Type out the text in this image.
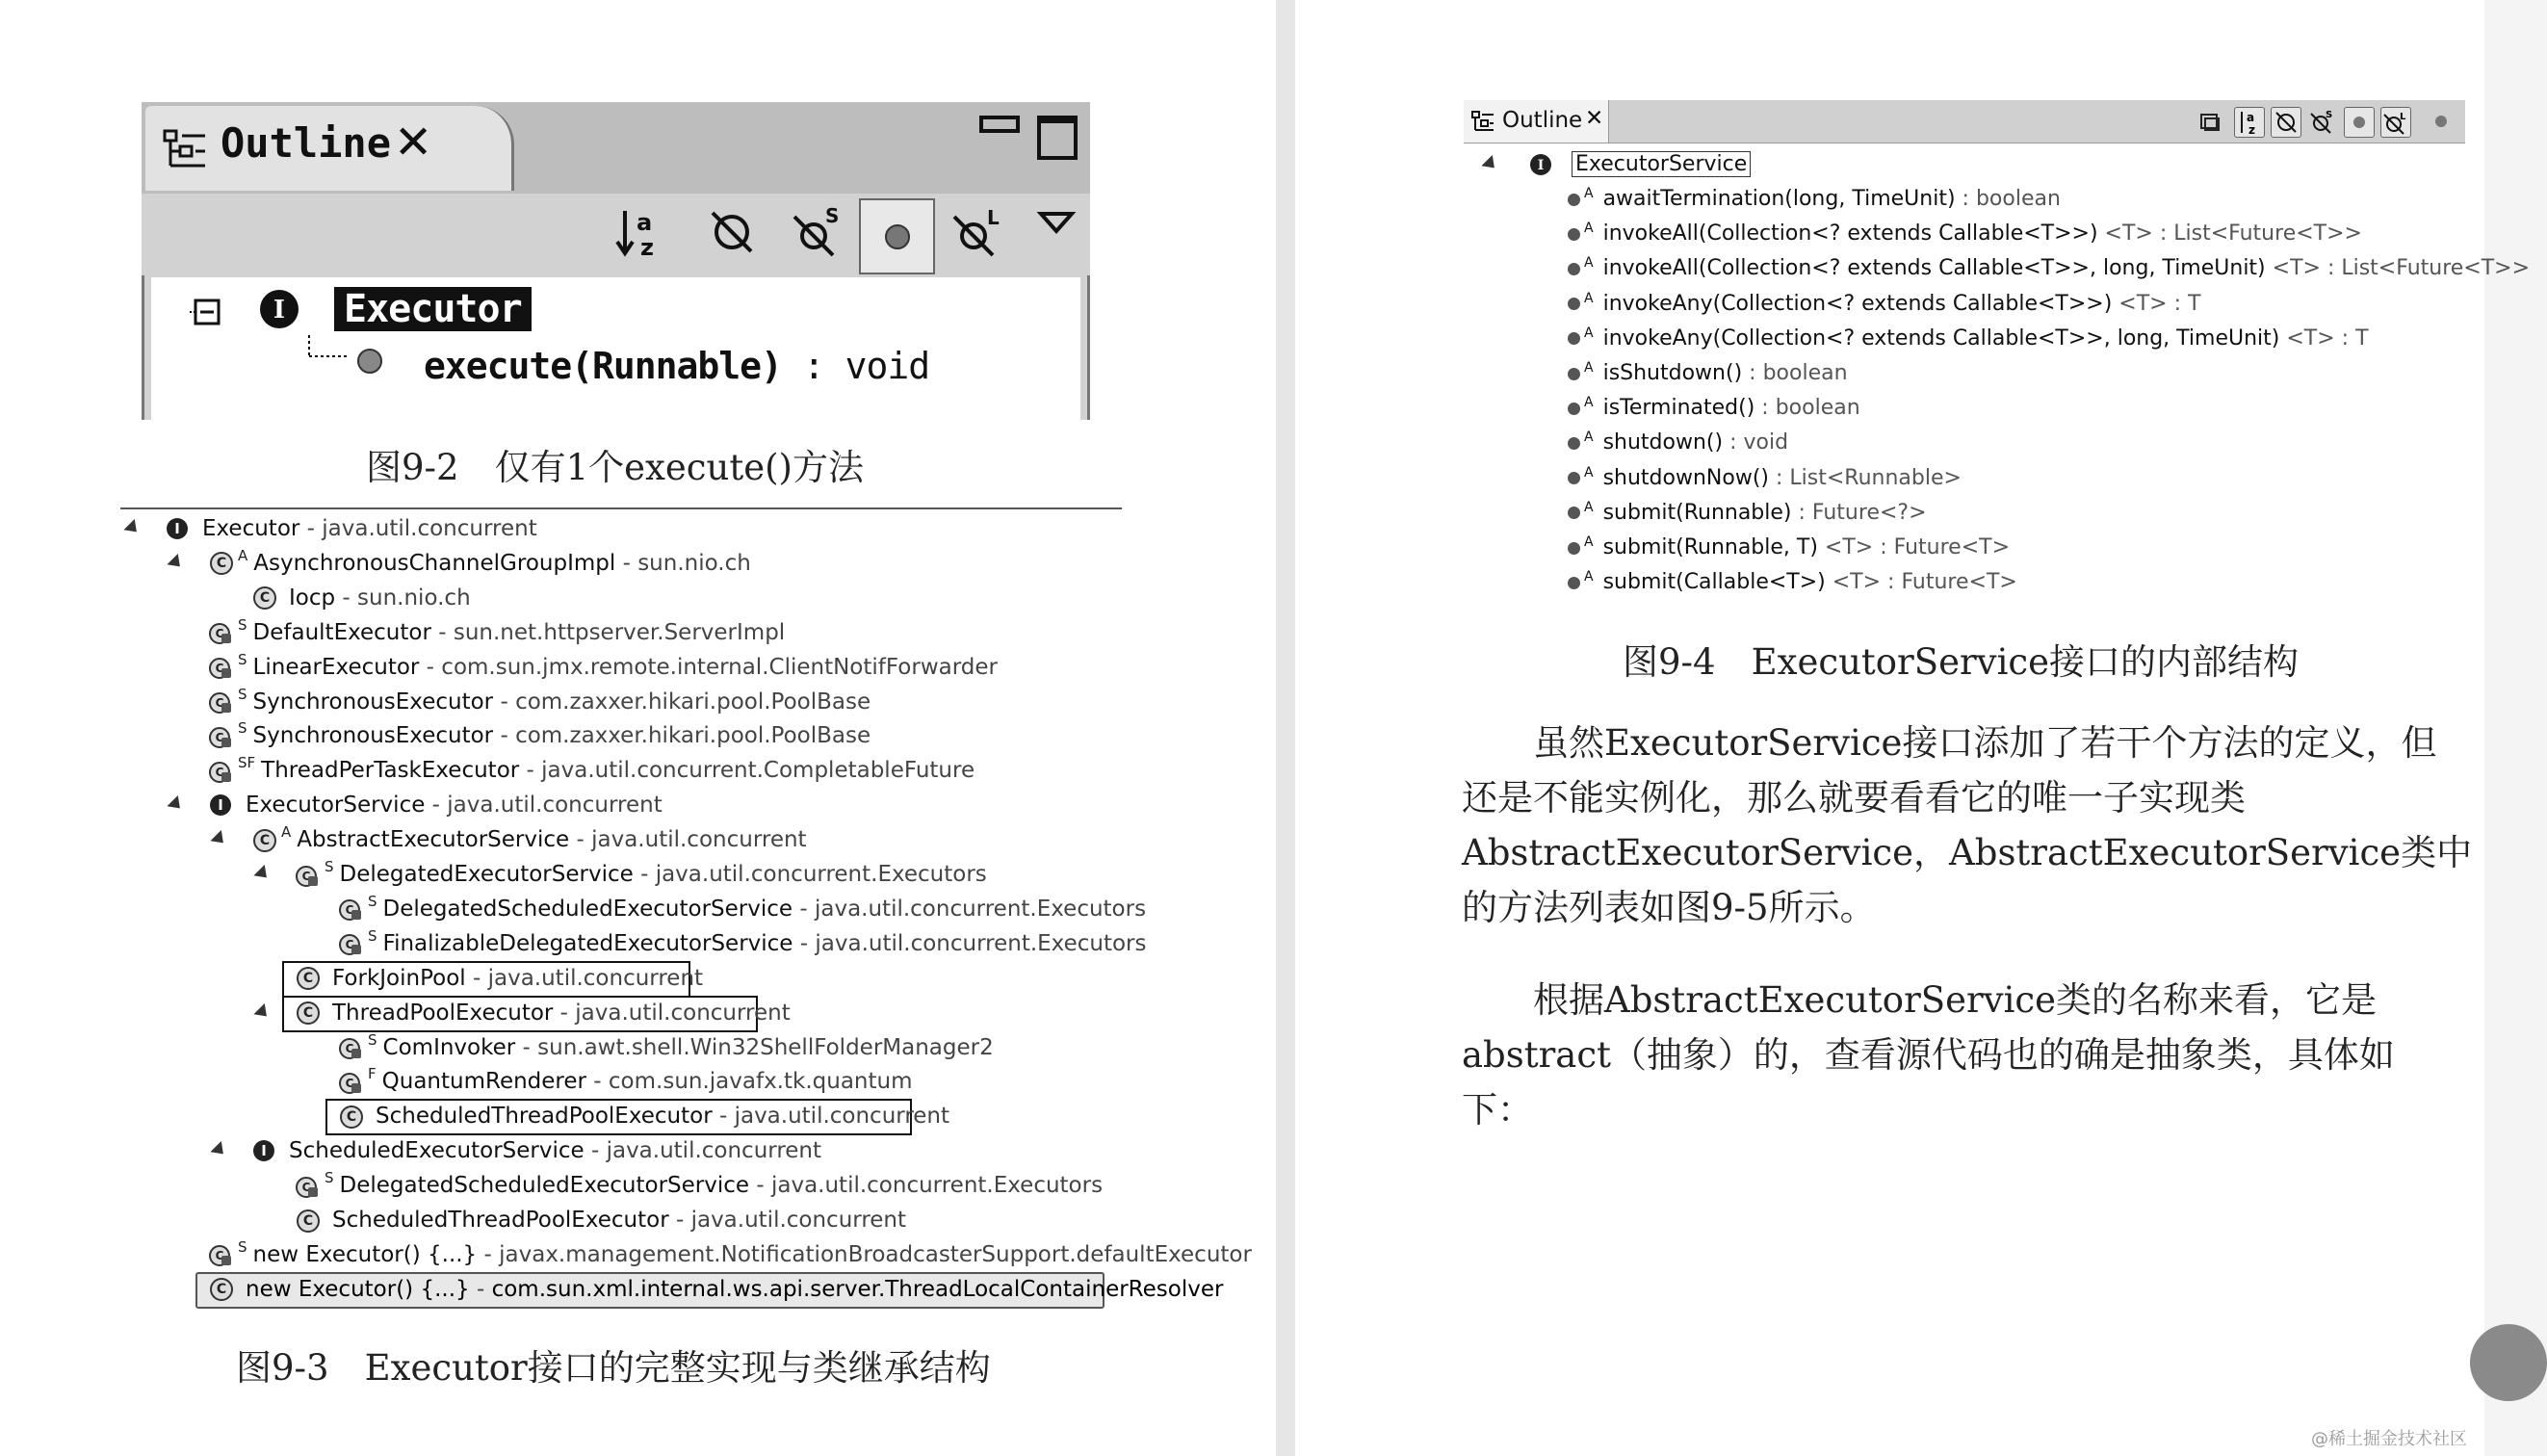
Outline ✕
a
z
S	L
I Executor
execute(Runnable) : void
图9-2　仅有1个execute()方法
IExecutor - java.util.concurrent
$C^A$ AsynchronousChannelGroupImpl - sun.nio.ch
CIocp - sun.nio.ch
$C^S$ DefaultExecutor - sun.net.httpserver.ServerImpl
$C^S$ LinearExecutor - com.sun.jmx.remote.internal.ClientNotifForwarder
$C^S$ SynchronousExecutor - com.zaxxer.hikari.pool.PoolBase
$C^S$ SynchronousExecutor - com.zaxxer.hikari.pool.PoolBase
$C^{SF}$ ThreadPerTaskExecutor - java.util.concurrent.CompletableFuture
IExecutorService - java.util.concurrent
$C^A$ AbstractExecutorService - java.util.concurrent
$C^S$ DelegatedExecutorService - java.util.concurrent.Executors
$C^S$ DelegatedScheduledExecutorService - java.util.concurrent.Executors
$C^S$ FinalizableDelegatedExecutorService - java.util.concurrent.Executors
CForkJoinPool - java.util.concurrent
CThreadPoolExecutor - java.util.concurrent
$C^S$ ComInvoker - sun.awt.shell.Win32ShellFolderManager2
$C^F$ QuantumRenderer - com.sun.javafx.tk.quantum
CScheduledThreadPoolExecutor - java.util.concurrent
IScheduledExecutorService - java.util.concurrent
$C^S$ DelegatedScheduledExecutorService - java.util.concurrent.Executors
CScheduledThreadPoolExecutor - java.util.concurrent
$C^S$ new Executor() {...} - javax.management.NotificationBroadcasterSupport.defaultExecutor
Cnew Executor() {...} - com.sun.xml.internal.ws.api.server.ThreadLocalContainerResolver
图9-3　Executor接口的完整实现与类继承结构
Outline ✕	a
z
S	L

I ExecutorService
$^A$ awaitTermination(long, TimeUnit) : boolean
$^A$ invokeAll(Collection<? extends Callable<T>>) <T> : List<Future<T>>
$^A$ invokeAll(Collection<? extends Callable<T>>, long, TimeUnit) <T> : List<Future<T>>
$^A$ invokeAny(Collection<? extends Callable<T>>) <T> : T
$^A$ invokeAny(Collection<? extends Callable<T>>, long, TimeUnit) <T> : T
$^A$ isShutdown() : boolean
$^A$ isTerminated() : boolean
$^A$ shutdown() : void
$^A$ shutdownNow() : List<Runnable>
$^A$ submit(Runnable) : Future<?>
$^A$ submit(Runnable, T) <T> : Future<T>
$^A$ submit(Callable<T>) <T> : Future<T>
图9-4　ExecutorService接口的内部结构
　　虽然ExecutorService接口添加了若干个方法的定义，但
还是不能实例化，那么就要看看它的唯一子实现类
AbstractExecutorService，AbstractExecutorService类中
的方法列表如图9-5所示。
　　根据AbstractExecutorService类的名称来看，它是
abstract（抽象）的，查看源代码也的确是抽象类，具体如
下：
@稀土掘金技术社区
